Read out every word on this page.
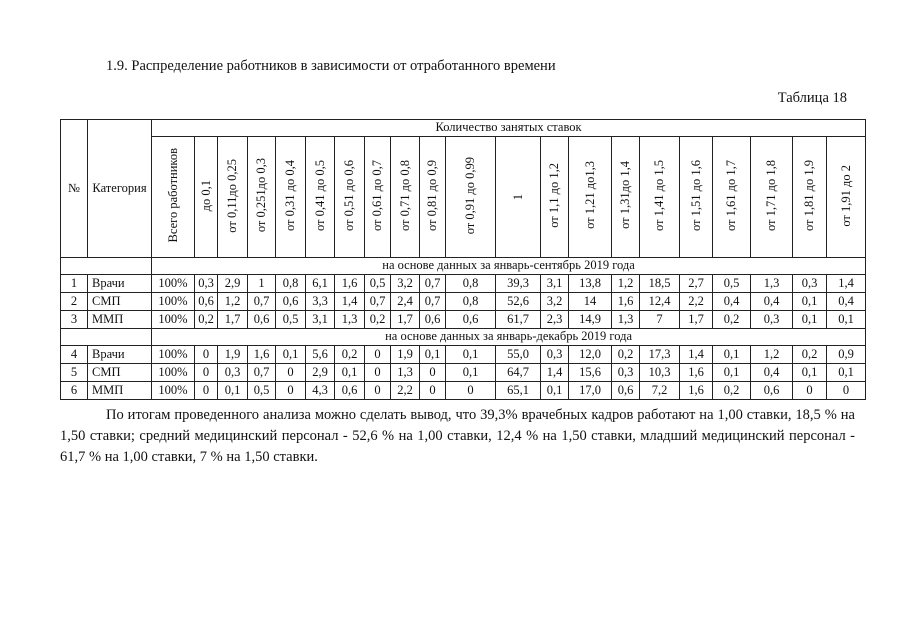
1.9. Распределение работников в зависимости от отработанного времени
Таблица 18
№	Категория	Количество занятых ставок																				
		Всего работников	до 0,1	от 0,11до 0,25	от 0,251до 0,3	от 0,31 до 0,4	от 0,41 до 0,5	от 0,51 до 0,6	от 0,61 до 0,7	от 0,71 до 0,8	от 0,81 до 0,9	от 0,91 до 0,99	1	от 1,1 до 1,2	от 1,21 до1,3	от 1,31до 1,4	от 1,41 до 1,5	от 1,51 до 1,6	от 1,61 до 1,7	от 1,71 до 1,8	от 1,81 до 1,9	от 1,91 до 2
		на основе данных за январь-сентябрь 2019 года																				
1	Врачи	100%	0,3	2,9	1	0,8	6,1	1,6	0,5	3,2	0,7	0,8	39,3	3,1	13,8	1,2	18,5	2,7	0,5	1,3	0,3	1,4
2	СМП	100%	0,6	1,2	0,7	0,6	3,3	1,4	0,7	2,4	0,7	0,8	52,6	3,2	14	1,6	12,4	2,2	0,4	0,4	0,1	0,4
3	ММП	100%	0,2	1,7	0,6	0,5	3,1	1,3	0,2	1,7	0,6	0,6	61,7	2,3	14,9	1,3	7	1,7	0,2	0,3	0,1	0,1
		на основе данных за январь-декабрь 2019 года																				
4	Врачи	100%	0	1,9	1,6	0,1	5,6	0,2	0	1,9	0,1	0,1	55,0	0,3	12,0	0,2	17,3	1,4	0,1	1,2	0,2	0,9
5	СМП	100%	0	0,3	0,7	0	2,9	0,1	0	1,3	0	0,1	64,7	1,4	15,6	0,3	10,3	1,6	0,1	0,4	0,1	0,1
6	ММП	100%	0	0,1	0,5	0	4,3	0,6	0	2,2	0	0	65,1	0,1	17,0	0,6	7,2	1,6	0,2	0,6	0	0

По итогам проведенного анализа можно сделать вывод, что 39,3% врачебных кадров работают на 1,00 ставки, 18,5 % на 1,50 ставки; средний медицинский персонал - 52,6 % на 1,00 ставки, 12,4 % на 1,50 ставки, младший медицинский персонал - 61,7 % на 1,00 ставки, 7 % на 1,50 ставки.
